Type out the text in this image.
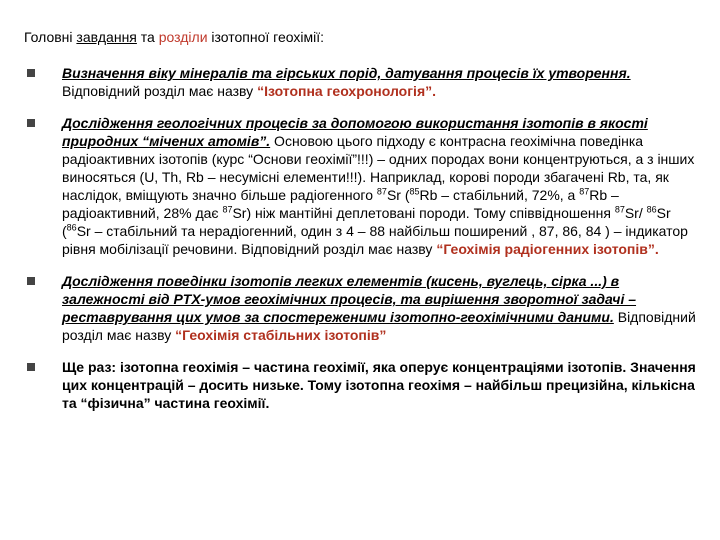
Головні завдання та розділи ізотопної геохімії:
Визначення віку мінералів та гірських порід, датування процесів їх утворення.
Відповідний розділ має назву “Ізотопна геохронологія”.
Дослідження геологічних процесів за допомогою використання ізотопів в якості природних “мічених атомів”. Основою цього підходу є контрасна геохімічна поведінка радіоактивних ізотопів (курс “Основи геохімії”!!!) – одних породах вони концентруються, а з інших виносяться (U, Th, Rb – несумісні елементи!!!). Наприклад, корові породи збагачені Rb, та, як наслідок, вміщують значно більше радіогенного $^{87}$Sr ($^{85}$Rb – стабільний, 72%, а $^{87}$Rb – радіоактивний, 28% дає $^{87}$Sr) ніж мантійні деплетовані породи. Тому співвідношення $^{87}$Sr/ $^{86}$Sr ($^{86}$Sr – стабільний та нерадіогенний, один з 4 – 88 найбільш поширений , 87, 86, 84 ) – індикатор рівня мобілізації речовини. Відповідний розділ має назву “Геохімія радіогенних ізотопів”.
Дослідження поведінки ізотопів легких елементів (кисень, вуглець, сірка ...) в залежності від PTX-умов геохімічних процесів, та вирішення зворотної задачі – реставрування цих умов за спостереженими ізотопно-геохімічними даними. Відповідний розділ має назву “Геохімія стабільних ізотопів”
Ще раз: ізотопна геохімія – частина геохімії, яка оперує концентраціями ізотопів. Значення цих концентрацій – досить низьке. Тому ізотопна геохімя – найбільш прецизійна, кількісна та “фізична” частина геохімії.
